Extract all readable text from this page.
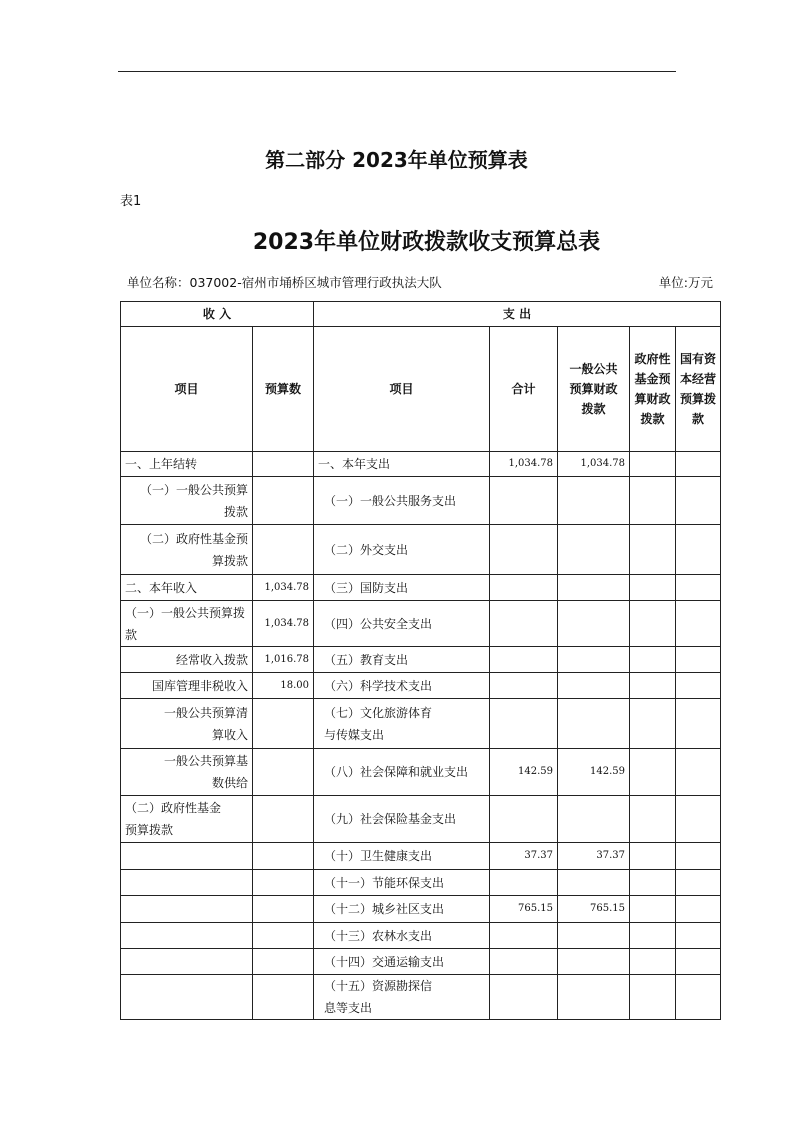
第二部分 2023年单位预算表
表1
2023年单位财政拨款收支预算总表
单位名称：037002-宿州市埇桥区城市管理行政执法大队	单位:万元
收 入		支 出				
项目	预算数	项目	合计	一般公共预算财政拨款	政府性基金预算财政拨款	国有资本经营预算拨款
一、上年结转		一、本年支出	1,034.78	1,034.78		
（一）一般公共预算拨款		（一）一般公共服务支出				
（二）政府性基金预算拨款		（二）外交支出				
二、本年收入	1,034.78	（三）国防支出				
（一）一般公共预算拨款	1,034.78	（四）公共安全支出				
经常收入拨款	1,016.78	（五）教育支出				
国库管理非税收入	18.00	（六）科学技术支出				
一般公共预算清算收入		（七）文化旅游体育与传媒支出				
一般公共预算基数供给		（八）社会保障和就业支出	142.59	142.59		
（二）政府性基金预算拨款		（九）社会保险基金支出				
		（十）卫生健康支出	37.37	37.37		
		（十一）节能环保支出				
		（十二）城乡社区支出	765.15	765.15		
		（十三）农林水支出				
		（十四）交通运输支出				
		（十五）资源勘探信息等支出				
